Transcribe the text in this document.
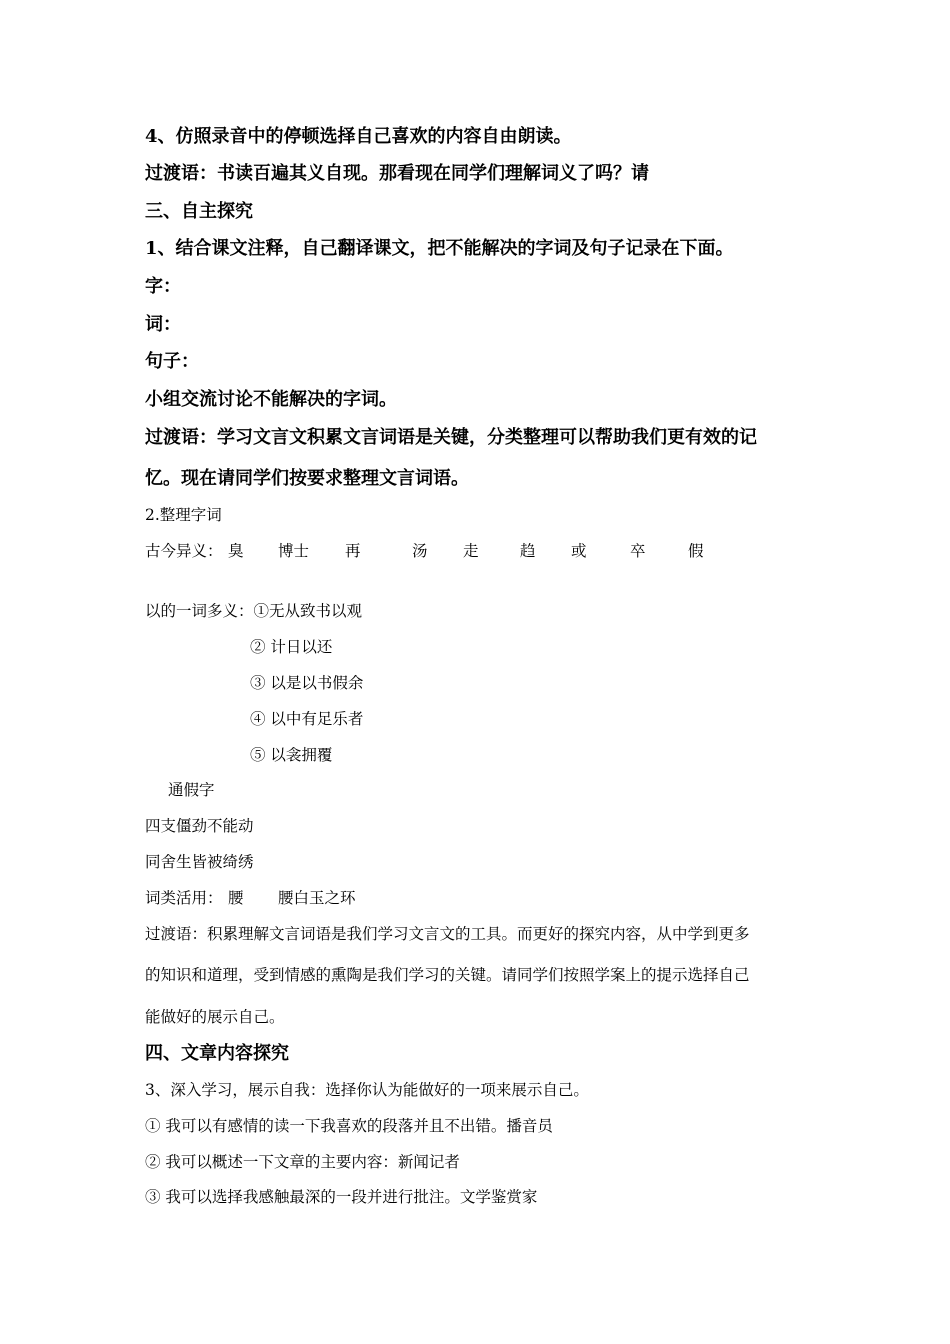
4、仿照录音中的停顿选择自己喜欢的内容自由朗读。
过渡语：书读百遍其义自现。那看现在同学们理解词义了吗？请
三、自主探究
1、结合课文注释，自己翻译课文，把不能解决的字词及句子记录在下面。
字：
词：
句子：
小组交流讨论不能解决的字词。
过渡语：学习文言文积累文言词语是关键，分类整理可以帮助我们更有效的记
忆。现在请同学们按要求整理文言词语。
2.整理字词
古今异义： 臭 博士 再	汤 走	趋 或	卒	假
以的一词多义：①无从致书以观
② 计日以还
③ 以是以书假余
④ 以中有足乐者
⑤ 以衾拥覆
通假字
四支僵劲不能动
同舍生皆被绮绣
词类活用： 腰 腰白玉之环
过渡语：积累理解文言词语是我们学习文言文的工具。而更好的探究内容，从中学到更多
的知识和道理，受到情感的熏陶是我们学习的关键。请同学们按照学案上的提示选择自己
能做好的展示自己。
四、文章内容探究
3、深入学习，展示自我：选择你认为能做好的一项来展示自己。
① 我可以有感情的读一下我喜欢的段落并且不出错。播音员
② 我可以概述一下文章的主要内容：新闻记者
③ 我可以选择我感触最深的一段并进行批注。文学鉴赏家
